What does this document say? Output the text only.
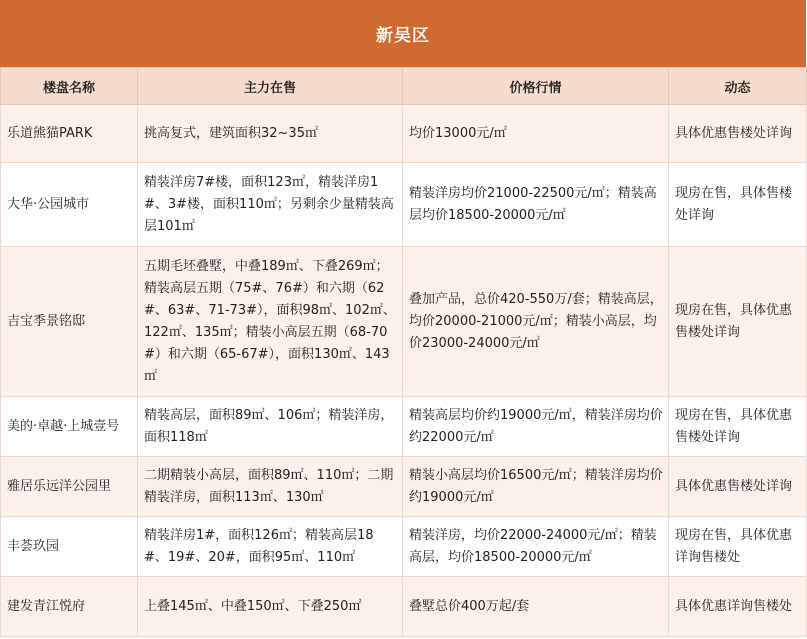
新吴区
楼盘名称	主力在售	价格行情	动态
乐道熊猫PARK	挑高复式，建筑面积32~35㎡	均价13000元/㎡	具体优惠售楼处详询
大华·公园城市	精装洋房7#楼，面积123㎡，精装洋房1#、3#楼，面积110㎡；另剩余少量精装高层101㎡	精装洋房均价21000-22500元/㎡；精装高层均价18500-20000元/㎡	现房在售，具体售楼处详询
吉宝季景铭邸	五期毛坯叠墅，中叠189㎡、下叠269㎡；精装高层五期（75#、76#）和六期（62#、63#、71-73#），面积98㎡、102㎡、122㎡、135㎡；精装小高层五期（68-70#）和六期（65-67#），面积130㎡、143㎡	叠加产品，总价420-550万/套；精装高层，均价20000-21000元/㎡；精装小高层，均价23000-24000元/㎡	现房在售，具体优惠售楼处详询
美的·卓越·上城壹号	精装高层，面积89㎡、106㎡；精装洋房，面积118㎡	精装高层均价约19000元/㎡，精装洋房均价约22000元/㎡	现房在售，具体优惠售楼处详询
雅居乐远洋公园里	二期精装小高层，面积89㎡、110㎡；二期精装洋房，面积113㎡、130㎡	精装小高层均价16500元/㎡；精装洋房均价约19000元/㎡	具体优惠售楼处详询
丰荟玖园	精装洋房1#，面积126㎡；精装高层18#、19#、20#，面积95㎡、110㎡	精装洋房，均价22000-24000元/㎡；精装高层，均价18500-20000元/㎡	现房在售，具体优惠详询售楼处
建发青江悦府	上叠145㎡、中叠150㎡、下叠250㎡	叠墅总价400万起/套	具体优惠详询售楼处
